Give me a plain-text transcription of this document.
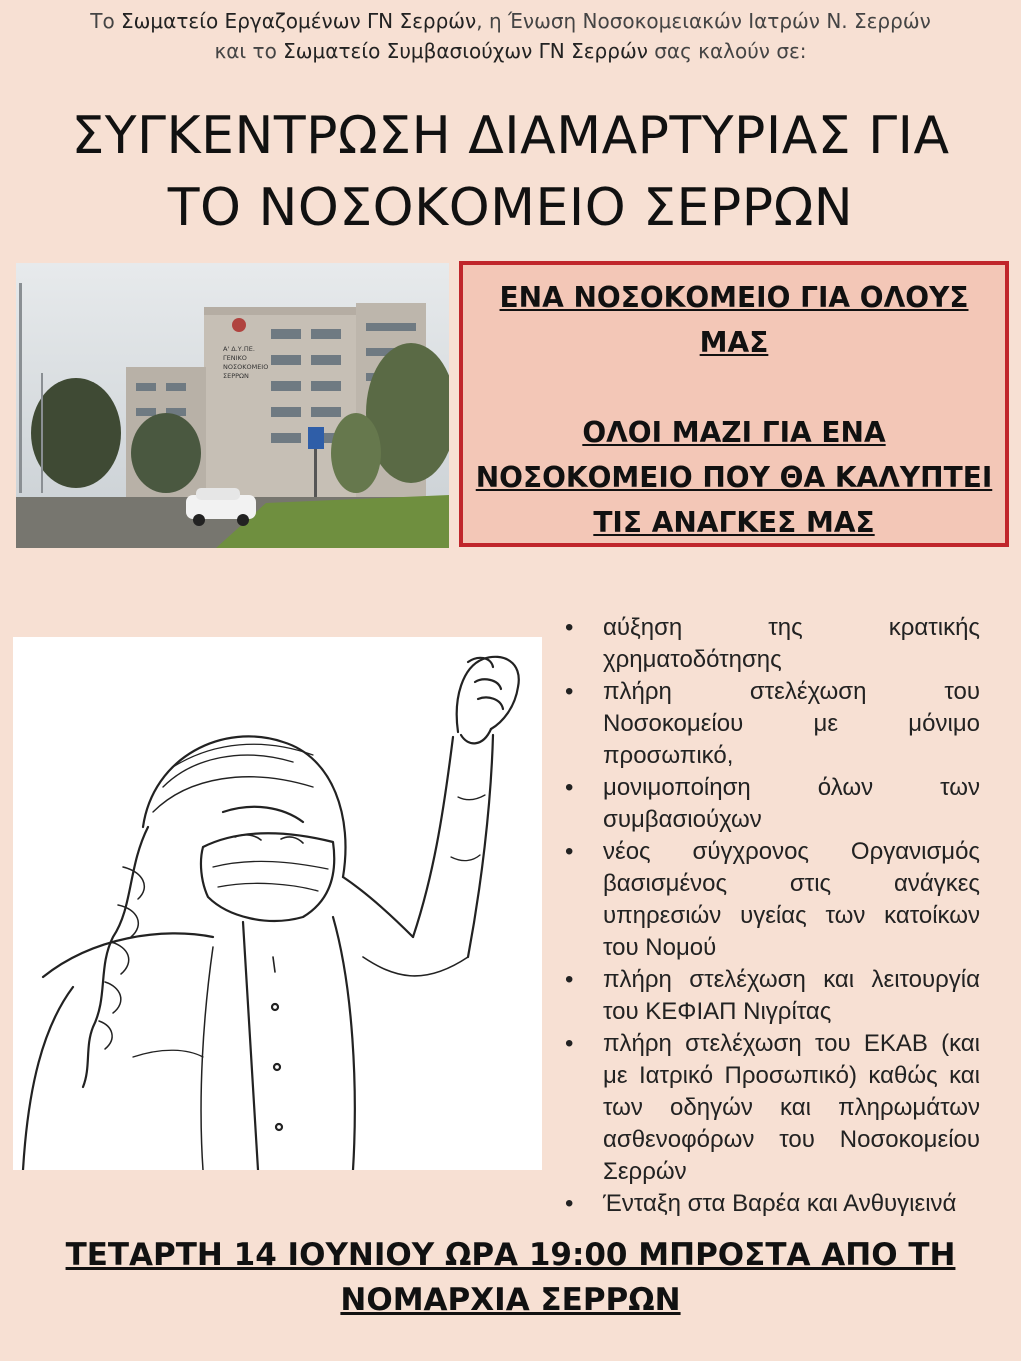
Το Σωματείο Εργαζομένων ΓΝ Σερρών, η Ένωση Νοσοκομειακών Ιατρών Ν. Σερρών
και το Σωματείο Συμβασιούχων ΓΝ Σερρών σας καλούν σε:
ΣΥΓΚΕΝΤΡΩΣΗ ΔΙΑΜΑΡΤΥΡΙΑΣ ΓΙΑ
ΤΟ ΝΟΣΟΚΟΜΕΙΟ ΣΕΡΡΩΝ
Α' Δ.Υ.ΠΕ.
ΓΕΝΙΚΟ
ΝΟΣΟΚΟΜΕΙΟ
ΣΕΡΡΩΝ
ΕΝΑ ΝΟΣΟΚΟΜΕΙΟ ΓΙΑ ΟΛΟΥΣ
ΜΑΣ
ΟΛΟΙ ΜΑΖΙ ΓΙΑ ΕΝΑ
ΝΟΣΟΚΟΜΕΙΟ ΠΟΥ ΘΑ ΚΑΛΥΠΤΕΙ
ΤΙΣ ΑΝΑΓΚΕΣ ΜΑΣ
• αύξηση της κρατικής χρηματοδότησης
• πλήρη στελέχωση του Νοσοκομείου με μόνιμο προσωπικό,
• μονιμοποίηση όλων των συμβασιούχων
• νέος σύγχρονος Οργανισμός βασισμένος στις ανάγκες υπηρεσιών υγείας των κατοίκων του Νομού
• πλήρη στελέχωση και λειτουργία του ΚΕΦΙΑΠ Νιγρίτας
• πλήρη στελέχωση του ΕΚΑΒ (και με Ιατρικό Προσωπικό) καθώς και των οδηγών και πληρωμάτων ασθενοφόρων του Νοσοκομείου Σερρών
• Ένταξη στα Βαρέα και Ανθυγιεινά
ΤΕΤΑΡΤΗ 14 ΙΟΥΝΙΟΥ ΩΡΑ 19:00 ΜΠΡΟΣΤΑ ΑΠΟ ΤΗ
ΝΟΜΑΡΧΙΑ ΣΕΡΡΩΝ
